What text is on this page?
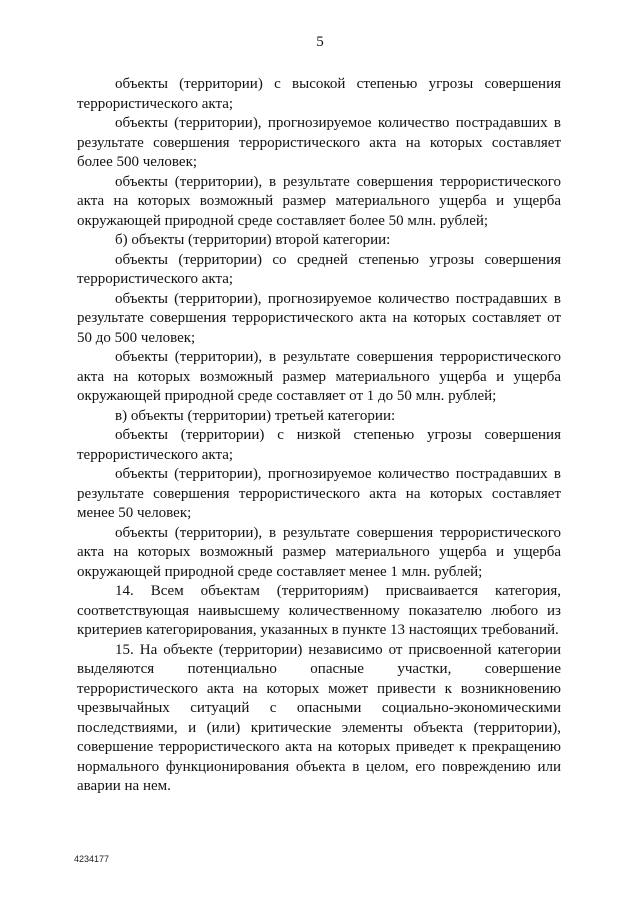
5

объекты (территории) с высокой степенью угрозы совершения террористического акта;

объекты (территории), прогнозируемое количество пострадавших в результате совершения террористического акта на которых составляет более 500 человек;

объекты (территории), в результате совершения террористического акта на которых возможный размер материального ущерба и ущерба окружающей природной среде составляет более 50 млн. рублей;

б) объекты (территории) второй категории:

объекты (территории) со средней степенью угрозы совершения террористического акта;

объекты (территории), прогнозируемое количество пострадавших в результате совершения террористического акта на которых составляет от 50 до 500 человек;

объекты (территории), в результате совершения террористического акта на которых возможный размер материального ущерба и ущерба окружающей природной среде составляет от 1 до 50 млн. рублей;

в) объекты (территории) третьей категории:

объекты (территории) с низкой степенью угрозы совершения террористического акта;

объекты (территории), прогнозируемое количество пострадавших в результате совершения террористического акта на которых составляет менее 50 человек;

объекты (территории), в результате совершения террористического акта на которых возможный размер материального ущерба и ущерба окружающей природной среде составляет менее 1 млн. рублей;

14. Всем объектам (территориям) присваивается категория, соответствующая наивысшему количественному показателю любого из критериев категорирования, указанных в пункте 13 настоящих требований.

15. На объекте (территории) независимо от присвоенной категории выделяются потенциально опасные участки, совершение террористического акта на которых может привести к возникновению чрезвычайных ситуаций с опасными социально-экономическими последствиями, и (или) критические элементы объекта (территории), совершение террористического акта на которых приведет к прекращению нормального функционирования объекта в целом, его повреждению или аварии на нем.

4234177
